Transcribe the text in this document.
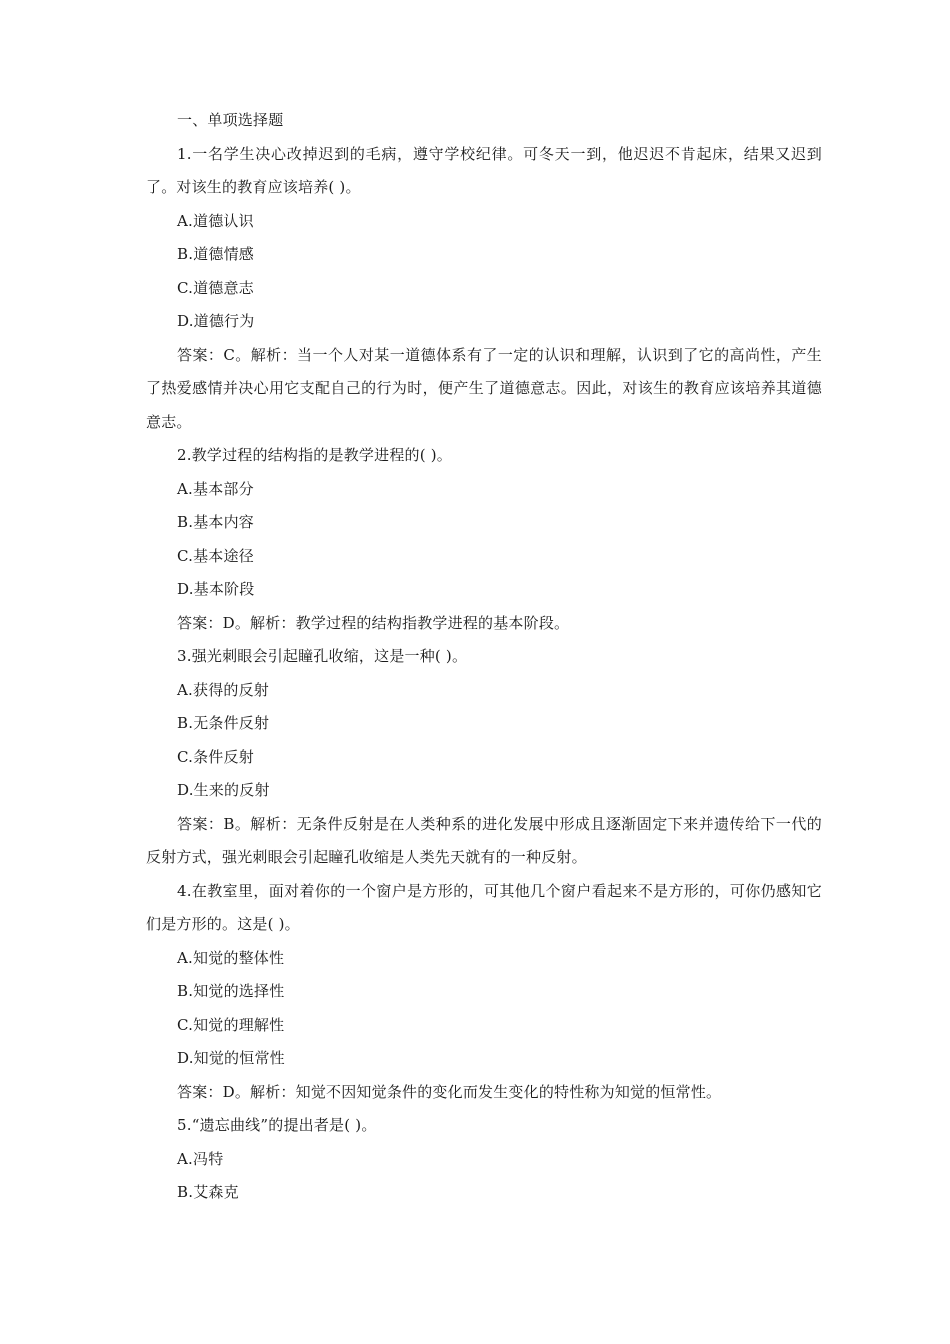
一、单项选择题

1.一名学生决心改掉迟到的毛病，遵守学校纪律。可冬天一到，他迟迟不肯起床，结果又迟到了。对该生的教育应该培养( )。

A.道德认识

B.道德情感

C.道德意志

D.道德行为

答案：C。解析：当一个人对某一道德体系有了一定的认识和理解，认识到了它的高尚性，产生了热爱感情并决心用它支配自己的行为时，便产生了道德意志。因此，对该生的教育应该培养其道德意志。

2.教学过程的结构指的是教学进程的( )。

A.基本部分

B.基本内容

C.基本途径

D.基本阶段

答案：D。解析：教学过程的结构指教学进程的基本阶段。

3.强光刺眼会引起瞳孔收缩，这是一种( )。

A.获得的反射

B.无条件反射

C.条件反射

D.生来的反射

答案：B。解析：无条件反射是在人类种系的进化发展中形成且逐渐固定下来并遗传给下一代的反射方式，强光刺眼会引起瞳孔收缩是人类先天就有的一种反射。

4.在教室里，面对着你的一个窗户是方形的，可其他几个窗户看起来不是方形的，可你仍感知它们是方形的。这是( )。

A.知觉的整体性

B.知觉的选择性

C.知觉的理解性

D.知觉的恒常性

答案：D。解析：知觉不因知觉条件的变化而发生变化的特性称为知觉的恒常性。

5.“遗忘曲线”的提出者是( )。

A.冯特

B.艾森克
